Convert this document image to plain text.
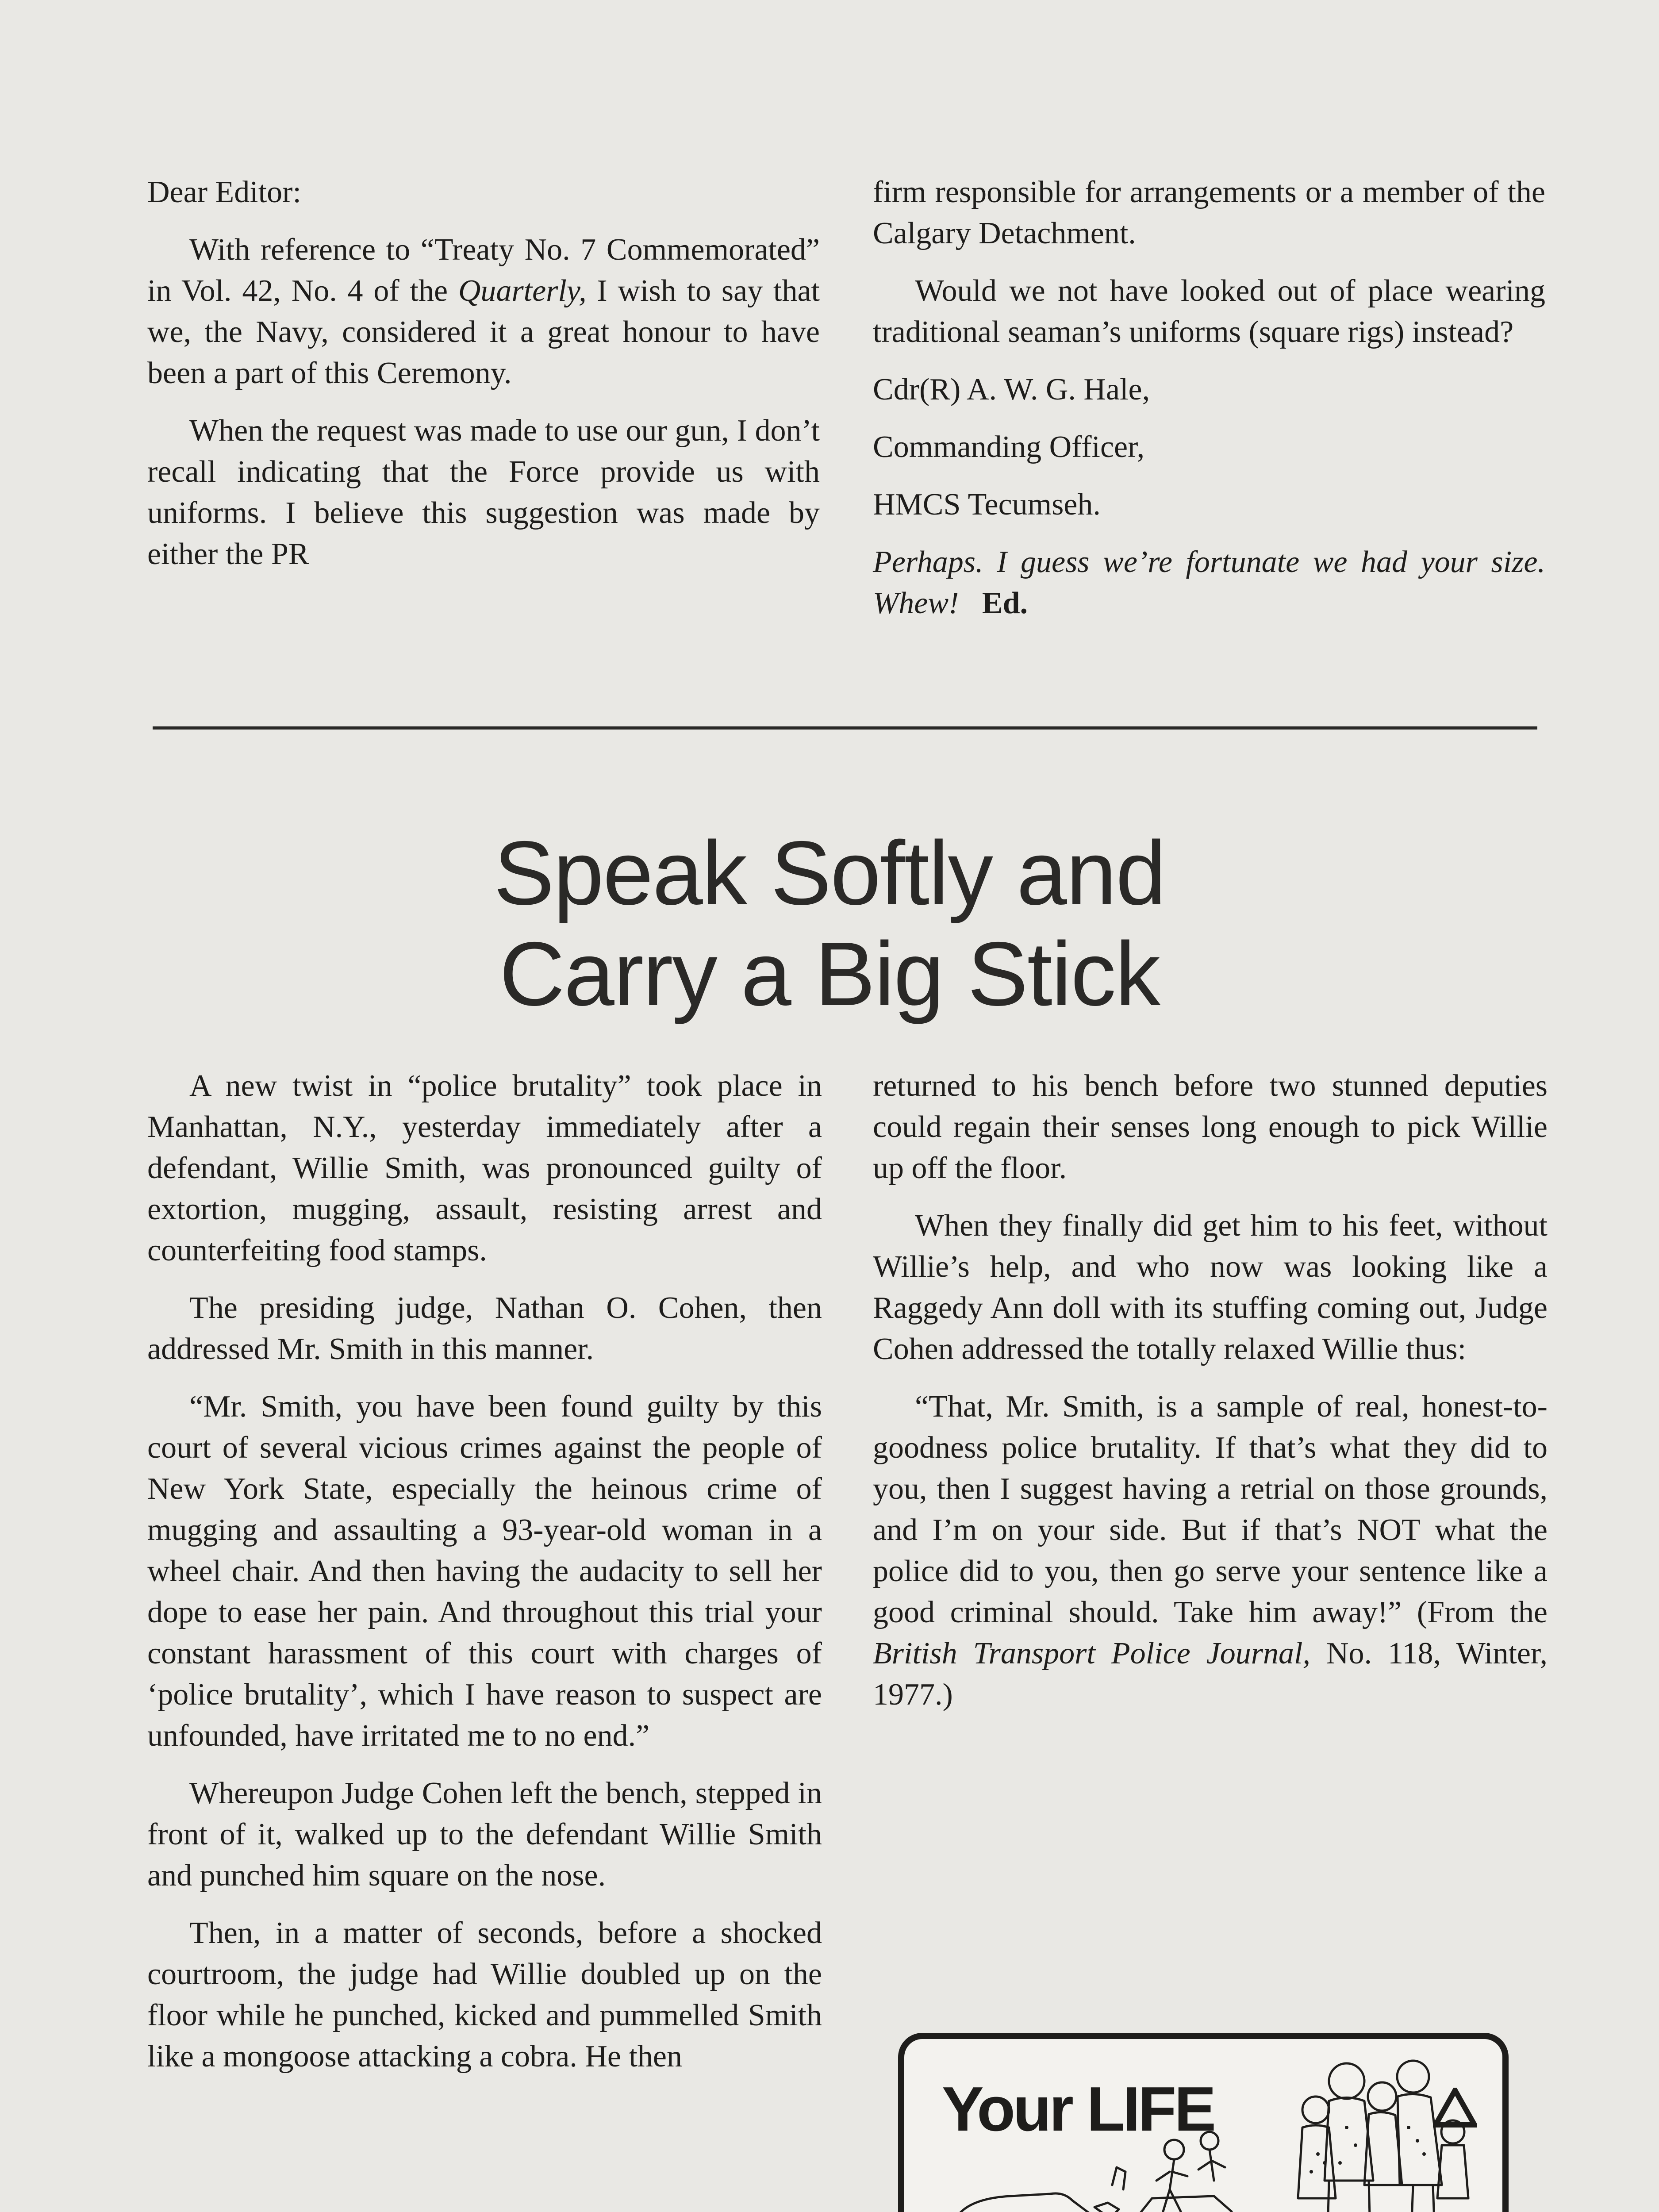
Dear Editor:

With reference to “Treaty No. 7 Commemorated” in Vol. 42, No. 4 of the Quarterly, I wish to say that we, the Navy, considered it a great honour to have been a part of this Ceremony.

When the request was made to use our gun, I don’t recall indicating that the Force provide us with uniforms. I believe this suggestion was made by either the PR

firm responsible for arrangements or a member of the Calgary Detachment.

Would we not have looked out of place wearing traditional seaman’s uniforms (square rigs) instead?

Cdr(R) A. W. G. Hale,

Commanding Officer,

HMCS Tecumseh.

Perhaps. I guess we’re fortunate we had your size. Whew! Ed.

Speak Softly and
Carry a Big Stick

A new twist in “police brutality” took place in Manhattan, N.Y., yesterday immediately after a defendant, Willie Smith, was pronounced guilty of extortion, mugging, assault, resisting arrest and counterfeiting food stamps.

The presiding judge, Nathan O. Cohen, then addressed Mr. Smith in this manner.

“Mr. Smith, you have been found guilty by this court of several vicious crimes against the people of New York State, especially the heinous crime of mugging and assaulting a 93-year-old woman in a wheel chair. And then having the audacity to sell her dope to ease her pain. And throughout this trial your constant harassment of this court with charges of ‘police brutality’, which I have reason to suspect are unfounded, have irritated me to no end.”

Whereupon Judge Cohen left the bench, stepped in front of it, walked up to the defendant Willie Smith and punched him square on the nose.

Then, in a matter of seconds, before a shocked courtroom, the judge had Willie doubled up on the floor while he punched, kicked and pummelled Smith like a mongoose attacking a cobra. He then

returned to his bench before two stunned deputies could regain their senses long enough to pick Willie up off the floor.

When they finally did get him to his feet, without Willie’s help, and who now was looking like a Raggedy Ann doll with its stuffing coming out, Judge Cohen addressed the totally relaxed Willie thus:

“That, Mr. Smith, is a sample of real, honest-to-goodness police brutality. If that’s what they did to you, then I suggest having a retrial on those grounds, and I’m on your side. But if that’s NOT what the police did to you, then go serve your sentence like a good criminal should. Take him away!” (From the British Transport Police Journal, No. 118, Winter, 1977.)

Your LIFE
